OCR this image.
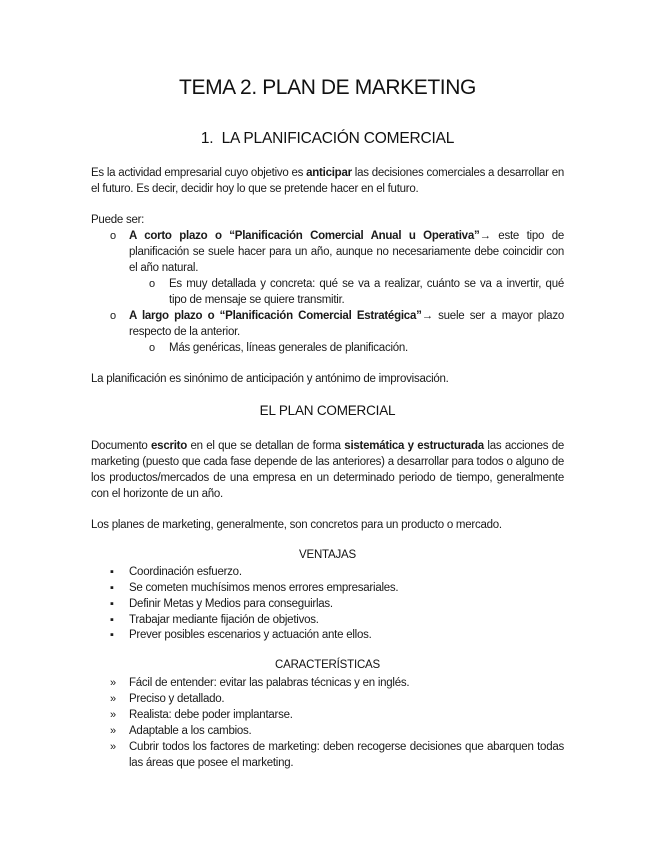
TEMA 2. PLAN DE MARKETING
1. LA PLANIFICACIÓN COMERCIAL

Es la actividad empresarial cuyo objetivo es anticipar las decisiones comerciales a desarrollar en el futuro. Es decir, decidir hoy lo que se pretende hacer en el futuro.

Puede ser:

o A corto plazo o “Planificación Comercial Anual u Operativa”→ este tipo de planificación se suele hacer para un año, aunque no necesariamente debe coincidir con el año natural.
o Es muy detallada y concreta: qué se va a realizar, cuánto se va a invertir, qué tipo de mensaje se quiere transmitir.
o A largo plazo o “Planificación Comercial Estratégica”→ suele ser a mayor plazo respecto de la anterior.
o Más genéricas, líneas generales de planificación.

La planificación es sinónimo de anticipación y antónimo de improvisación.

EL PLAN COMERCIAL

Documento escrito en el que se detallan de forma sistemática y estructurada las acciones de marketing (puesto que cada fase depende de las anteriores) a desarrollar para todos o alguno de los productos/mercados de una empresa en un determinado periodo de tiempo, generalmente con el horizonte de un año.

Los planes de marketing, generalmente, son concretos para un producto o mercado.

VENTAJAS
▪ Coordinación esfuerzo.
▪ Se cometen muchísimos menos errores empresariales.
▪ Definir Metas y Medios para conseguirlas.
▪ Trabajar mediante fijación de objetivos.
▪ Prever posibles escenarios y actuación ante ellos.
CARACTERÍSTICAS
» Fácil de entender: evitar las palabras técnicas y en inglés.
» Preciso y detallado.
» Realista: debe poder implantarse.
» Adaptable a los cambios.
» Cubrir todos los factores de marketing: deben recogerse decisiones que abarquen todas las áreas que posee el marketing.
